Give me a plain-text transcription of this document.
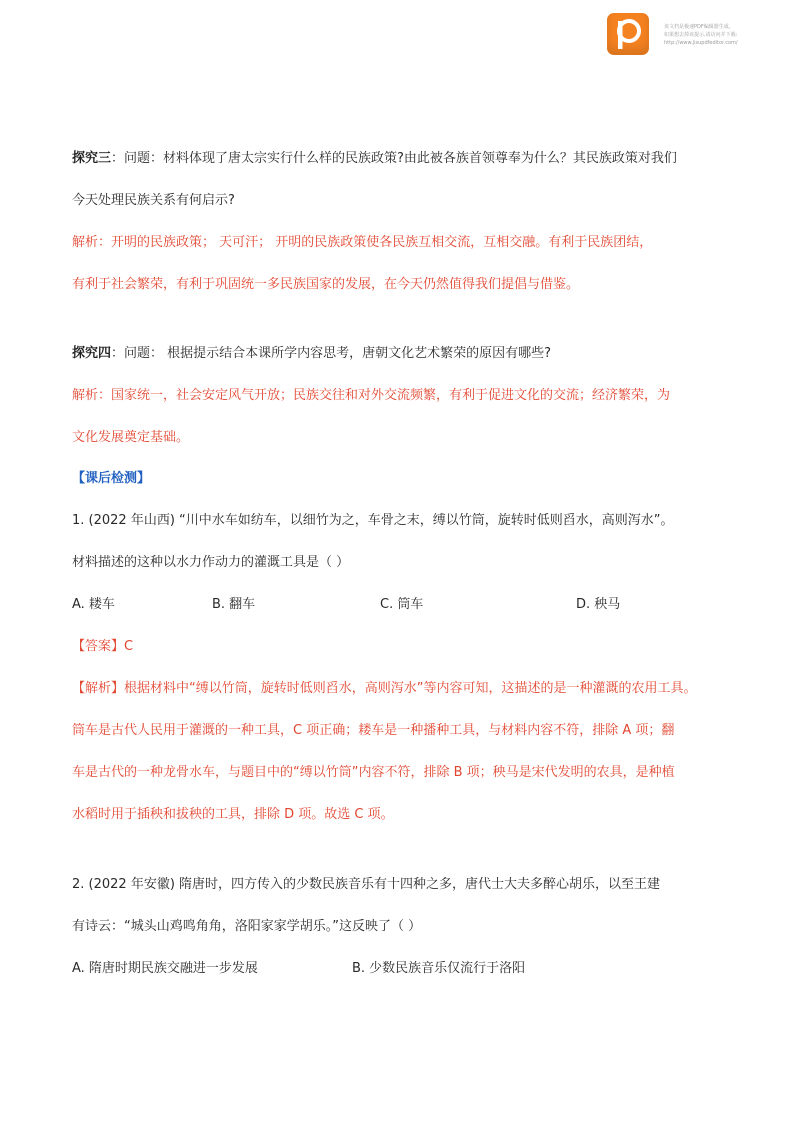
该文档是极速PDF编辑器生成,
如果想去掉该提示,请访问并下载:
http://www.jisupdfeditor.com/

探究三：问题：材料体现了唐太宗实行什么样的民族政策?由此被各族首领尊奉为什么？其民族政策对我们

今天处理民族关系有何启示?

解析：开明的民族政策； 天可汗； 开明的民族政策使各民族互相交流，互相交融。有利于民族团结，

有利于社会繁荣，有利于巩固统一多民族国家的发展，在今天仍然值得我们提倡与借鉴。

探究四：问题： 根据提示结合本课所学内容思考，唐朝文化艺术繁荣的原因有哪些?

解析：国家统一，社会安定风气开放；民族交往和对外交流频繁，有利于促进文化的交流；经济繁荣，为

文化发展奠定基础。

【课后检测】

1. (2022 年山西) “川中水车如纺车，以细竹为之，车骨之末，缚以竹筒，旋转时低则舀水，高则泻水”。

材料描述的这种以水力作动力的灌溉工具是（ ）

A. 耧车	B. 翻车	C. 筒车	D. 秧马

【答案】C

【解析】根据材料中“缚以竹筒，旋转时低则舀水，高则泻水”等内容可知，这描述的是一种灌溉的农用工具。

筒车是古代人民用于灌溉的一种工具，C 项正确；耧车是一种播种工具，与材料内容不符，排除 A 项；翻

车是古代的一种龙骨水车，与题目中的“缚以竹筒”内容不符，排除 B 项；秧马是宋代发明的农具，是种植

水稻时用于插秧和拔秧的工具，排除 D 项。故选 C 项。

2. (2022 年安徽) 隋唐时，四方传入的少数民族音乐有十四种之多，唐代士大夫多醉心胡乐，以至王建

有诗云：“城头山鸡鸣角角，洛阳家家学胡乐。”这反映了（ ）

A. 隋唐时期民族交融进一步发展	B. 少数民族音乐仅流行于洛阳
